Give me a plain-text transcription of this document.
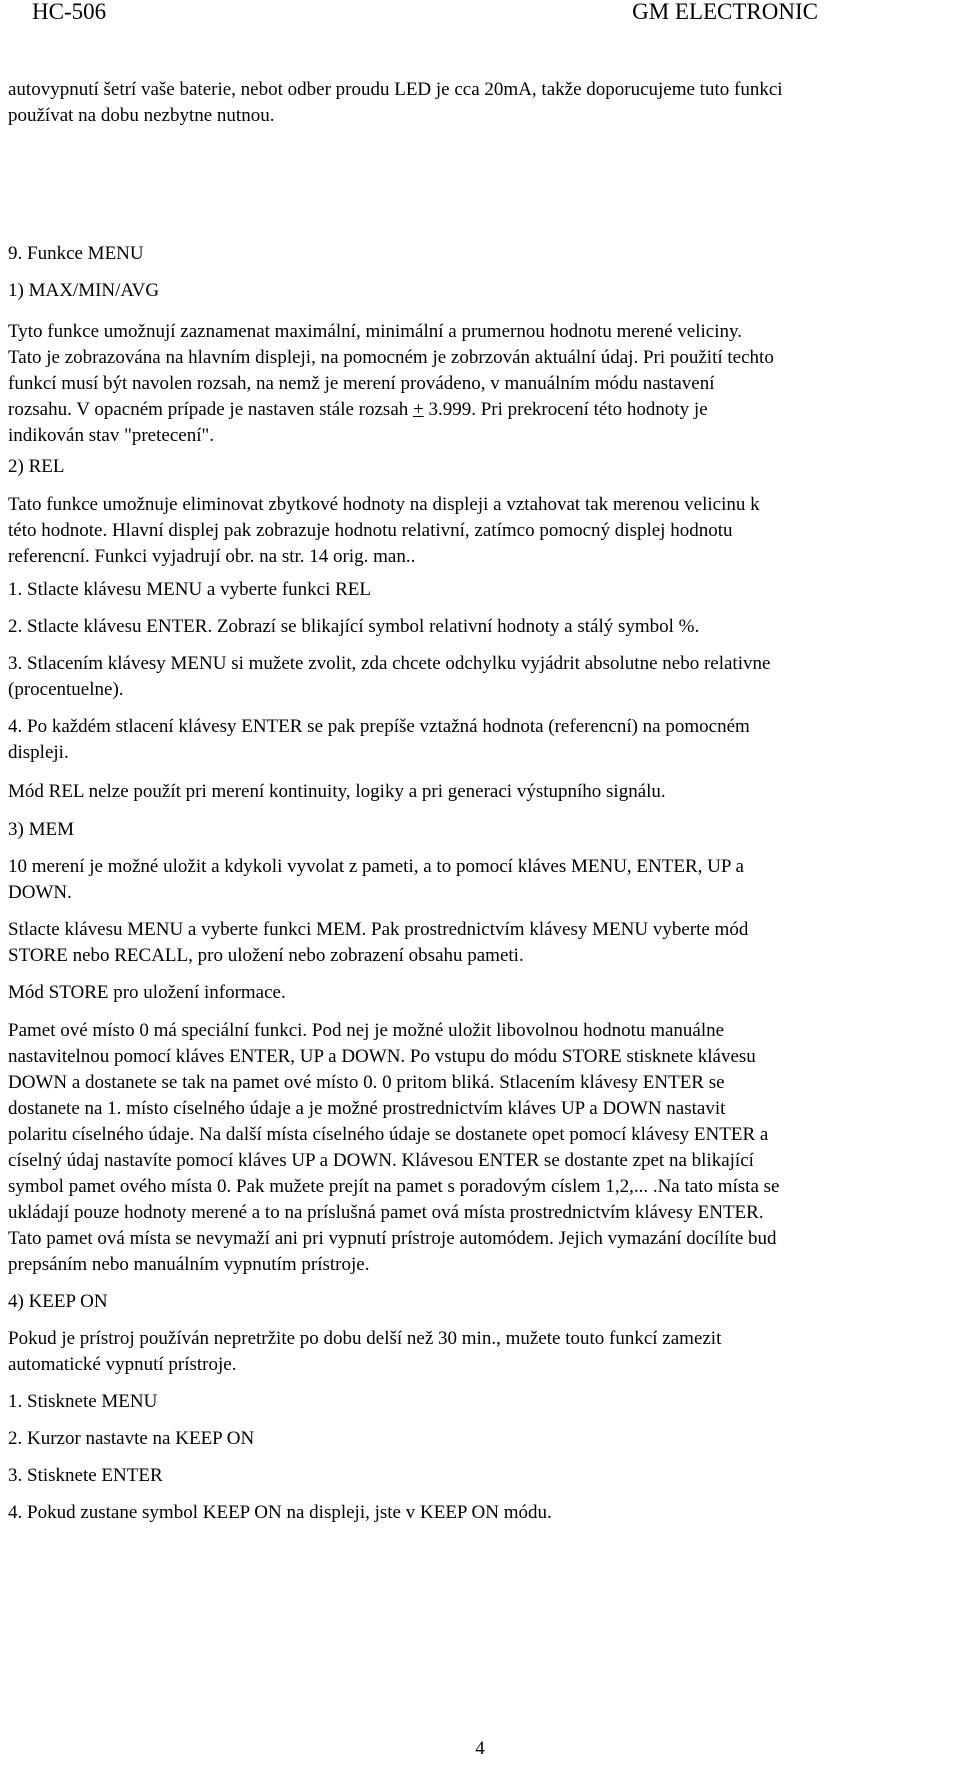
HC-506	GM ELECTRONIC
autovypnutí šetrí vaše baterie, nebot odber proudu LED je cca 20mA, takže doporucujeme tuto funkci
používat na dobu nezbytne nutnou.
9. Funkce MENU
1) MAX/MIN/AVG
Tyto funkce umožnují zaznamenat maximální, minimální a prumernou hodnotu merené veliciny.
Tato je zobrazována na hlavním displeji, na pomocném je zobrzován aktuální údaj. Pri použití techto
funkcí musí být navolen rozsah, na nemž je merení provádeno, v manuálním módu nastavení
rozsahu. V opacném prípade je nastaven stále rozsah + 3.999. Pri prekrocení této hodnoty je
indikován stav "pretecení".
2) REL
Tato funkce umožnuje eliminovat zbytkové hodnoty na displeji a vztahovat tak merenou velicinu k
této hodnote. Hlavní displej pak zobrazuje hodnotu relativní, zatímco pomocný displej hodnotu
referencní. Funkci vyjadrují obr. na str. 14 orig. man..
1. Stlacte klávesu MENU a vyberte funkci REL
2. Stlacte klávesu ENTER. Zobrazí se blikající symbol relativní hodnoty a stálý symbol %.
3. Stlacením klávesy MENU si mužete zvolit, zda chcete odchylku vyjádrit absolutne nebo relativne
(procentuelne).
4. Po každém stlacení klávesy ENTER se pak prepíše vztažná hodnota (referencní) na pomocném
displeji.
Mód REL nelze použít pri merení kontinuity, logiky a pri generaci výstupního signálu.
3) MEM
10 merení je možné uložit a kdykoli vyvolat z pameti, a to pomocí kláves MENU, ENTER, UP a
DOWN.
Stlacte klávesu MENU a vyberte funkci MEM. Pak prostrednictvím klávesy MENU vyberte mód
STORE nebo RECALL, pro uložení nebo zobrazení obsahu pameti.
Mód STORE pro uložení informace.
Pamet ové místo 0 má speciální funkci. Pod nej je možné uložit libovolnou hodnotu manuálne
nastavitelnou pomocí kláves ENTER, UP a DOWN. Po vstupu do módu STORE stisknete klávesu
DOWN a dostanete se tak na pamet ové místo 0. 0 pritom bliká. Stlacením klávesy ENTER se
dostanete na 1. místo císelného údaje a je možné prostrednictvím kláves UP a DOWN nastavit
polaritu císelného údaje. Na další místa císelného údaje se dostanete opet pomocí klávesy ENTER a
císelný údaj nastavíte pomocí kláves UP a DOWN. Klávesou ENTER se dostante zpet na blikající
symbol pamet ového místa 0. Pak mužete prejít na pamet s poradovým císlem 1,2,... .Na tato místa se
ukládají pouze hodnoty merené a to na príslušná pamet ová místa prostrednictvím klávesy ENTER.
Tato pamet ová místa se nevymaží ani pri vypnutí prístroje automódem. Jejich vymazání docílíte bud
prepsáním nebo manuálním vypnutím prístroje.
4) KEEP ON
Pokud je prístroj používán nepretržite po dobu delší než 30 min., mužete touto funkcí zamezit
automatické vypnutí prístroje.
1. Stisknete MENU
2. Kurzor nastavte na KEEP ON
3. Stisknete ENTER
4. Pokud zustane symbol KEEP ON na displeji, jste v KEEP ON módu.
4
